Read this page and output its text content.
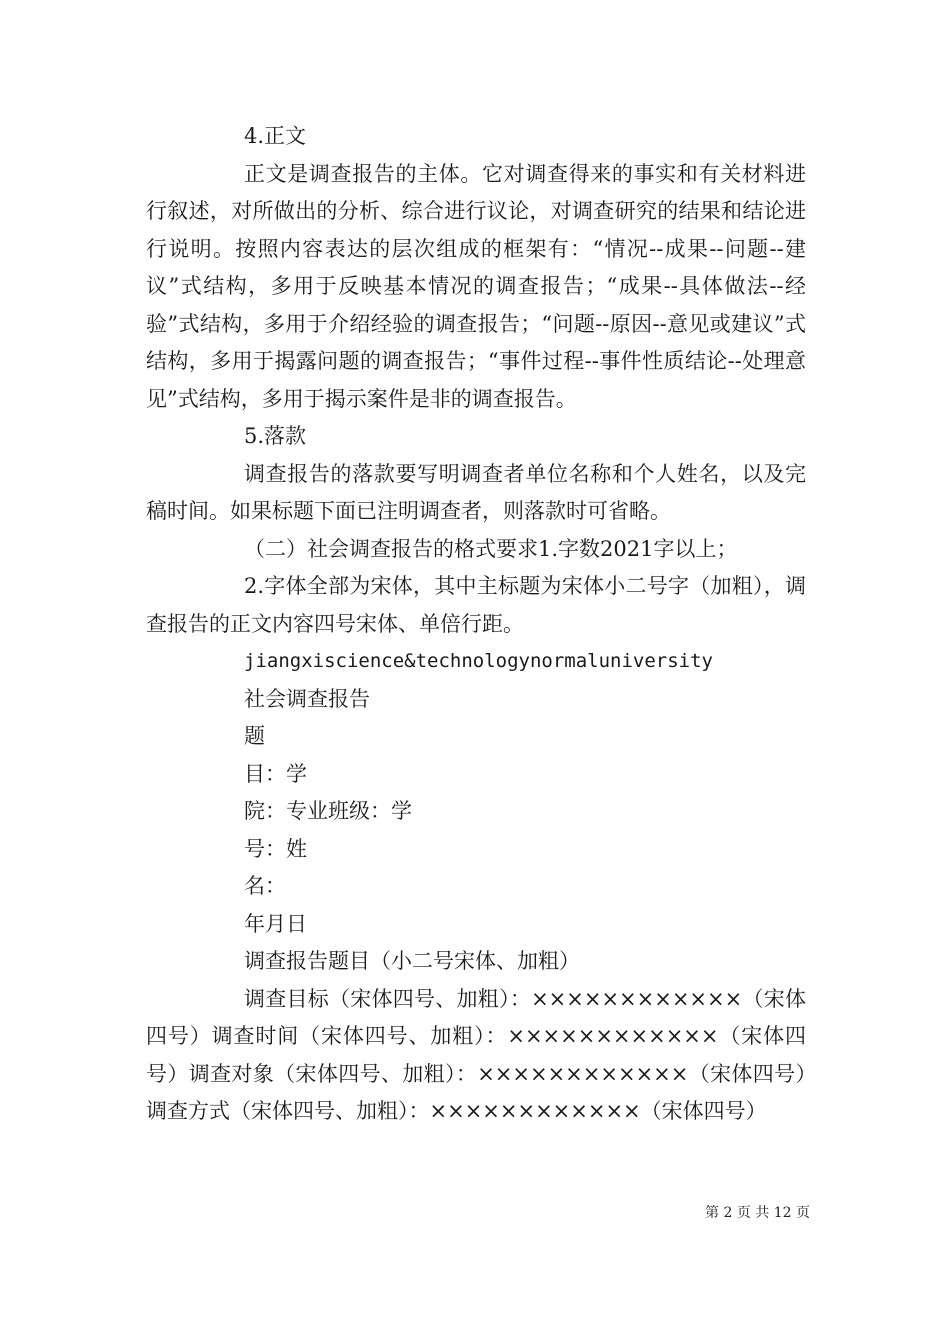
4.正文

正文是调查报告的主体。它对调查得来的事实和有关材料进行叙述，对所做出的分析、综合进行议论，对调查研究的结果和结论进行说明。按照内容表达的层次组成的框架有：“情况--成果--问题--建议”式结构，多用于反映基本情况的调查报告；“成果--具体做法--经验”式结构，多用于介绍经验的调查报告；“问题--原因--意见或建议”式结构，多用于揭露问题的调查报告；“事件过程--事件性质结论--处理意见”式结构，多用于揭示案件是非的调查报告。

5.落款

调查报告的落款要写明调查者单位名称和个人姓名，以及完稿时间。如果标题下面已注明调查者，则落款时可省略。

（二）社会调查报告的格式要求1.字数2021字以上；

2.字体全部为宋体，其中主标题为宋体小二号字（加粗），调查报告的正文内容四号宋体、单倍行距。

jiangxiscience&technologynormaluniversity

社会调查报告

题

目：学

院：专业班级：学

号：姓

名：

年月日

调查报告题目（小二号宋体、加粗）

调查目标（宋体四号、加粗）：××××××××××××（宋体四号）调查时间（宋体四号、加粗）：××××××××××××（宋体四号）调查对象（宋体四号、加粗）：××××××××××××（宋体四号）调查方式（宋体四号、加粗）：××××××××××××（宋体四号）

第 2 页 共 12 页
